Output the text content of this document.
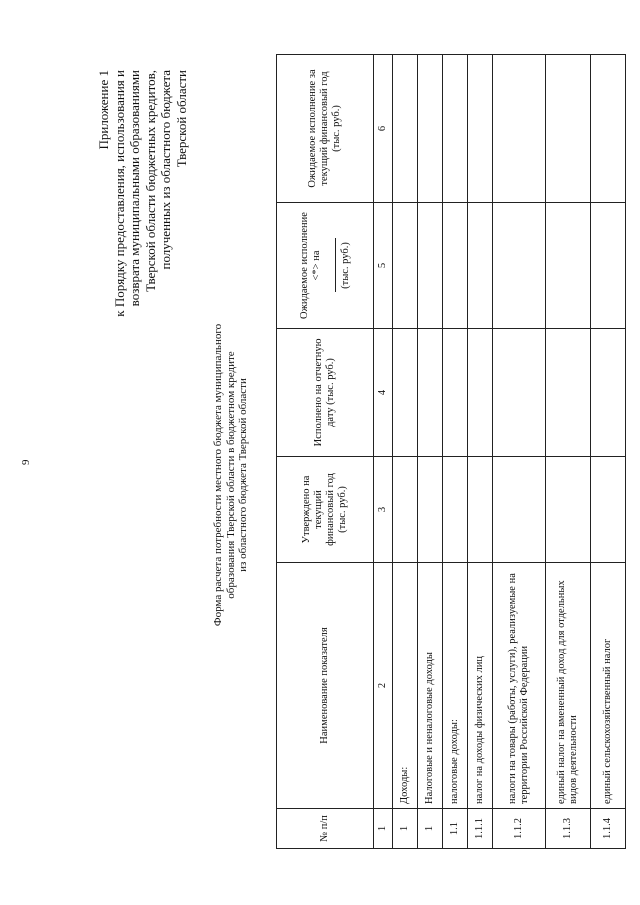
9
Приложение 1 к Порядку предоставления, использования и возврата муниципальными образованиями Тверской области бюджетных кредитов, полученных из областного бюджета Тверской области
Форма расчета потребности местного бюджета муниципального образования Тверской области в бюджетном кредите из областного бюджета Тверской области
№ п/п	Наименование показателя	Утверждено на текущий финансовый год (тыс. руб.)	Исполнено на отчетную дату (тыс. руб.)	Ожидаемое исполнение <*> на (тыс. руб.)	Ожидаемое исполнение за текущий финансовый год (тыс. руб.)
1	2	3	4	5	6
1	Доходы:				
1	Налоговые и неналоговые доходы				
1.1	налоговые доходы:				
1.1.1	налог на доходы физических лиц				
1.1.2	налоги на товары (работы, услуги), реализуемые на территории Российской Федерации				
1.1.3	единый налог на вмененный доход для отдельных видов деятельности				
1.1.4	единый сельскохозяйственный налог				
